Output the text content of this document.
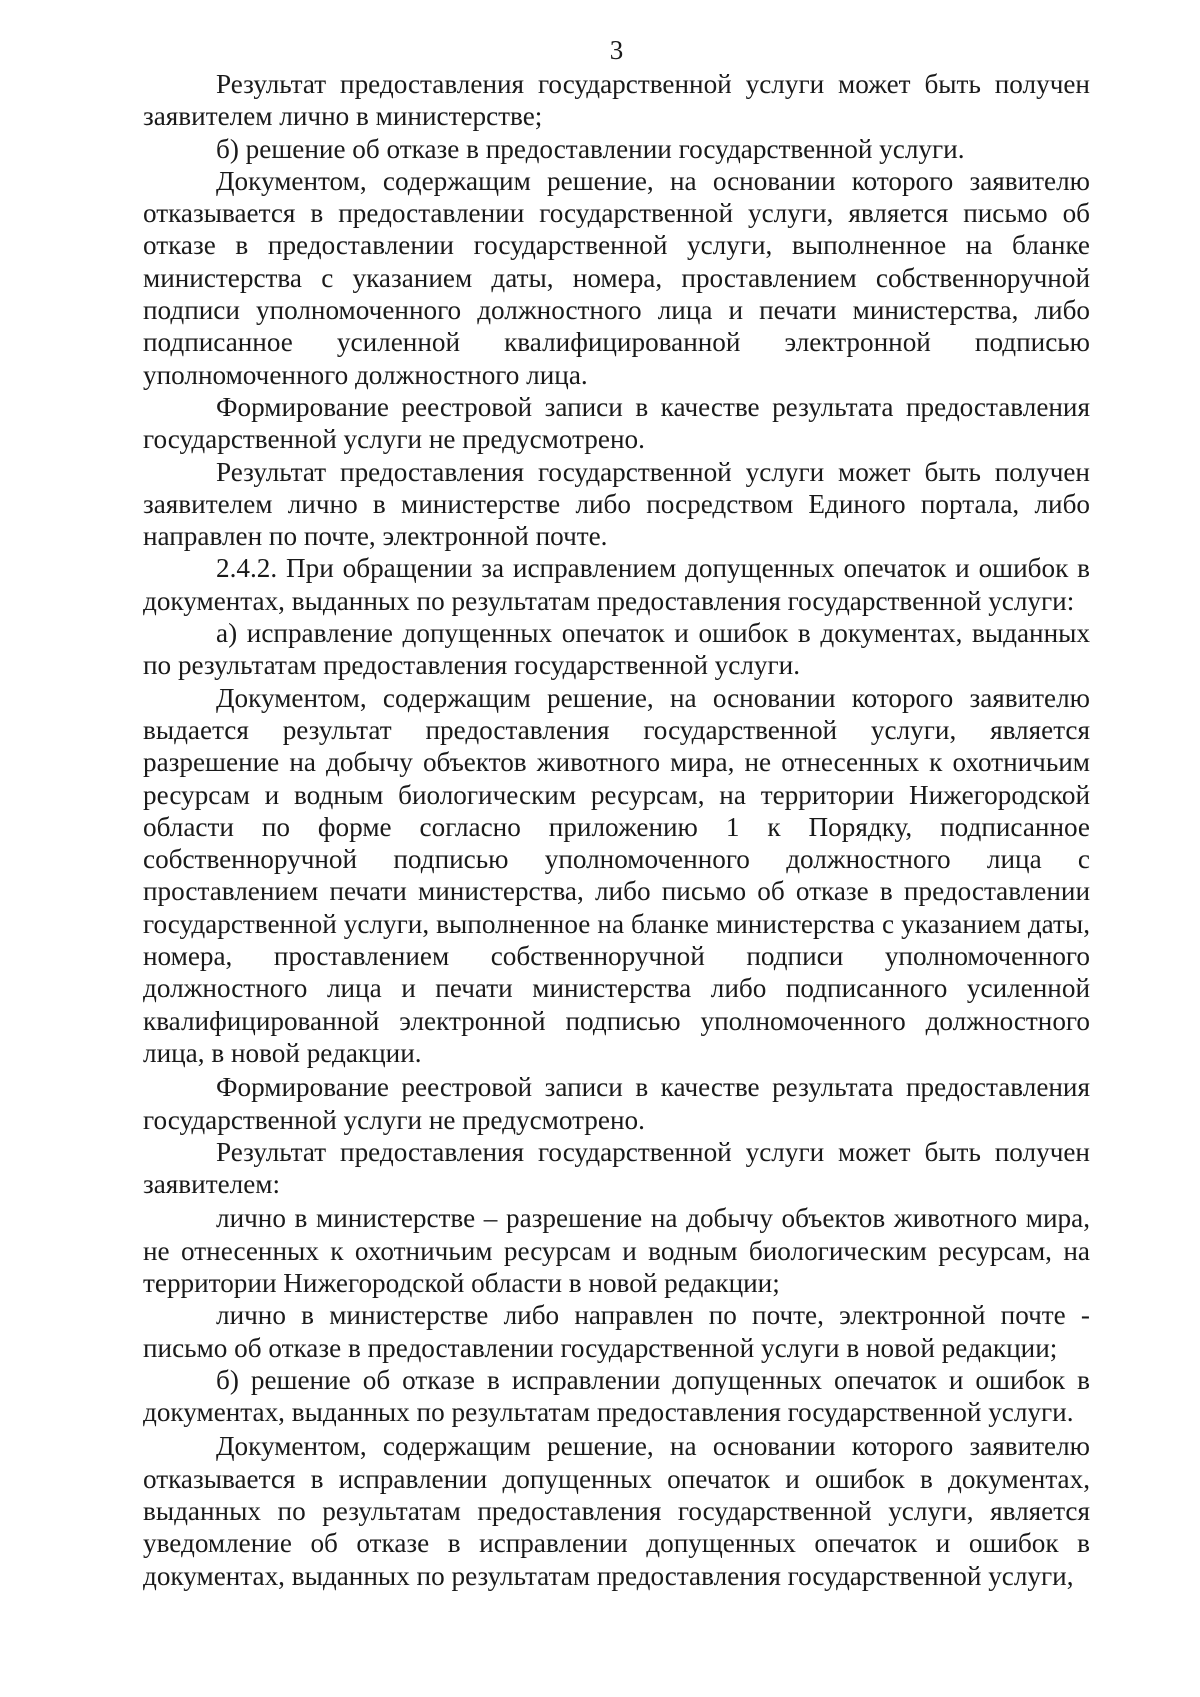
3

Результат предоставления государственной услуги может быть получен заявителем лично в министерстве;

б) решение об отказе в предоставлении государственной услуги.

Документом, содержащим решение, на основании которого заявителю отказывается в предоставлении государственной услуги, является письмо об отказе в предоставлении государственной услуги, выполненное на бланке министерства с указанием даты, номера, проставлением собственноручной подписи уполномоченного должностного лица и печати министерства, либо подписанное усиленной квалифицированной электронной подписью уполномоченного должностного лица.

Формирование реестровой записи в качестве результата предоставления государственной услуги не предусмотрено.

Результат предоставления государственной услуги может быть получен заявителем лично в министерстве либо посредством Единого портала, либо направлен по почте, электронной почте.

2.4.2. При обращении за исправлением допущенных опечаток и ошибок в документах, выданных по результатам предоставления государственной услуги:

а) исправление допущенных опечаток и ошибок в документах, выданных по результатам предоставления государственной услуги.

Документом, содержащим решение, на основании которого заявителю выдается результат предоставления государственной услуги, является разрешение на добычу объектов животного мира, не отнесенных к охотничьим ресурсам и водным биологическим ресурсам, на территории Нижегородской области по форме согласно приложению 1 к Порядку, подписанное собственноручной подписью уполномоченного должностного лица с проставлением печати министерства, либо письмо об отказе в предоставлении государственной услуги, выполненное на бланке министерства с указанием даты, номера, проставлением собственноручной подписи уполномоченного должностного лица и печати министерства либо подписанного усиленной квалифицированной электронной подписью уполномоченного должностного лица, в новой редакции.

Формирование реестровой записи в качестве результата предоставления государственной услуги не предусмотрено.

Результат предоставления государственной услуги может быть получен заявителем:

лично в министерстве – разрешение на добычу объектов животного мира, не отнесенных к охотничьим ресурсам и водным биологическим ресурсам, на территории Нижегородской области в новой редакции;

лично в министерстве либо направлен по почте, электронной почте - письмо об отказе в предоставлении государственной услуги в новой редакции;

б) решение об отказе в исправлении допущенных опечаток и ошибок в документах, выданных по результатам предоставления государственной услуги.

Документом, содержащим решение, на основании которого заявителю отказывается в исправлении допущенных опечаток и ошибок в документах, выданных по результатам предоставления государственной услуги, является уведомление об отказе в исправлении допущенных опечаток и ошибок в документах, выданных по результатам предоставления государственной услуги,
